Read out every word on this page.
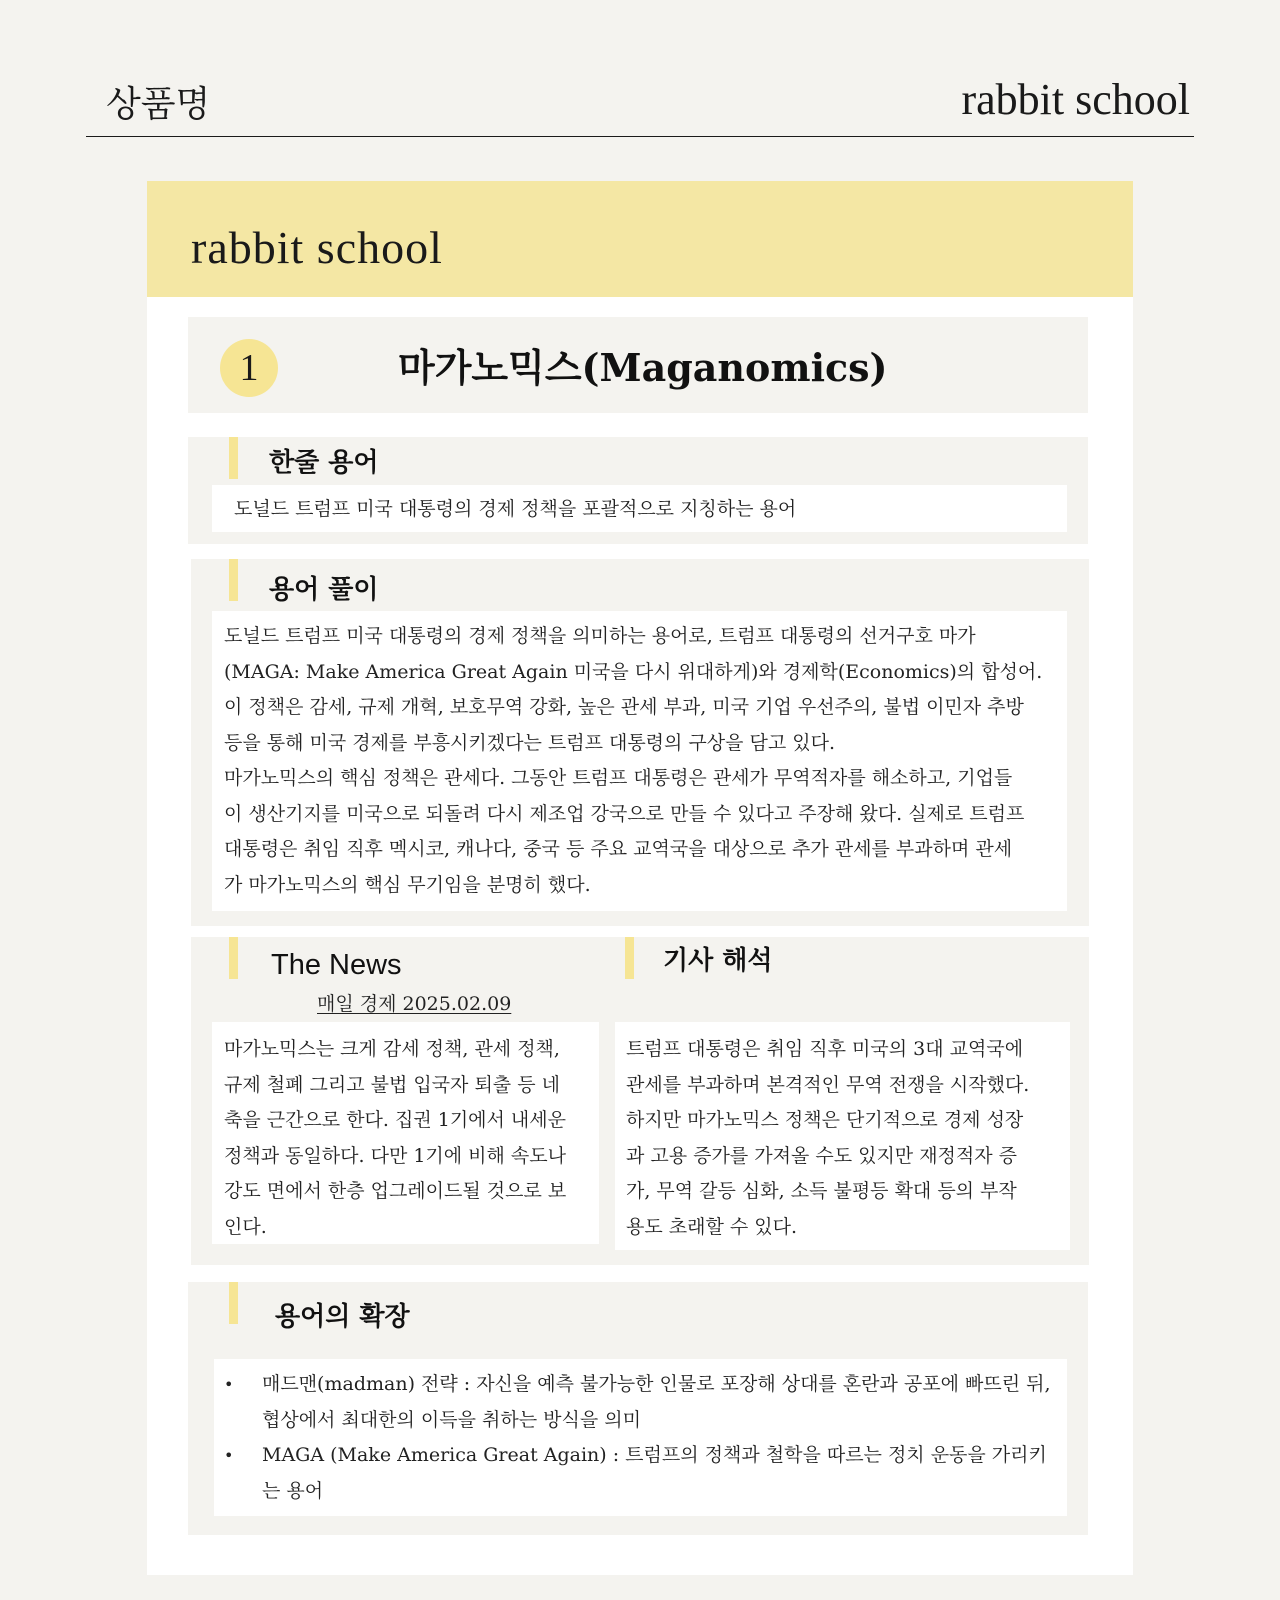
상품명	rabbit school
rabbit school
1	마가노믹스(Maganomics)
한줄 용어

도널드 트럼프 미국 대통령의 경제 정책을 포괄적으로 지칭하는 용어

용어 풀이

도널드 트럼프 미국 대통령의 경제 정책을 의미하는 용어로, 트럼프 대통령의 선거구호 마가
(MAGA: Make America Great Again 미국을 다시 위대하게)와 경제학(Economics)의 합성어.
이 정책은 감세, 규제 개혁, 보호무역 강화, 높은 관세 부과, 미국 기업 우선주의, 불법 이민자 추방
등을 통해 미국 경제를 부흥시키겠다는 트럼프 대통령의 구상을 담고 있다.
마가노믹스의 핵심 정책은 관세다. 그동안 트럼프 대통령은 관세가 무역적자를 해소하고, 기업들
이 생산기지를 미국으로 되돌려 다시 제조업 강국으로 만들 수 있다고 주장해 왔다. 실제로 트럼프
대통령은 취임 직후 멕시코, 캐나다, 중국 등 주요 교역국을 대상으로 추가 관세를 부과하며 관세
가 마가노믹스의 핵심 무기임을 분명히 했다.

The News
매일 경제 2025.02.09

마가노믹스는 크게 감세 정책, 관세 정책,
규제 철폐 그리고 불법 입국자 퇴출 등 네
축을 근간으로 한다. 집권 1기에서 내세운
정책과 동일하다. 다만 1기에 비해 속도나
강도 면에서 한층 업그레이드될 것으로 보
인다.

기사 해석

트럼프 대통령은 취임 직후 미국의 3대 교역국에
관세를 부과하며 본격적인 무역 전쟁을 시작했다.
하지만 마가노믹스 정책은 단기적으로 경제 성장
과 고용 증가를 가져올 수도 있지만 재정적자 증
가, 무역 갈등 심화, 소득 불평등 확대 등의 부작
용도 초래할 수 있다.

용어의 확장
• 매드맨(madman) 전략 : 자신을 예측 불가능한 인물로 포장해 상대를 혼란과 공포에 빠뜨린 뒤, 협상에서 최대한의 이득을 취하는 방식을 의미
• MAGA (Make America Great Again) : 트럼프의 정책과 철학을 따르는 정치 운동을 가리키는 용어
